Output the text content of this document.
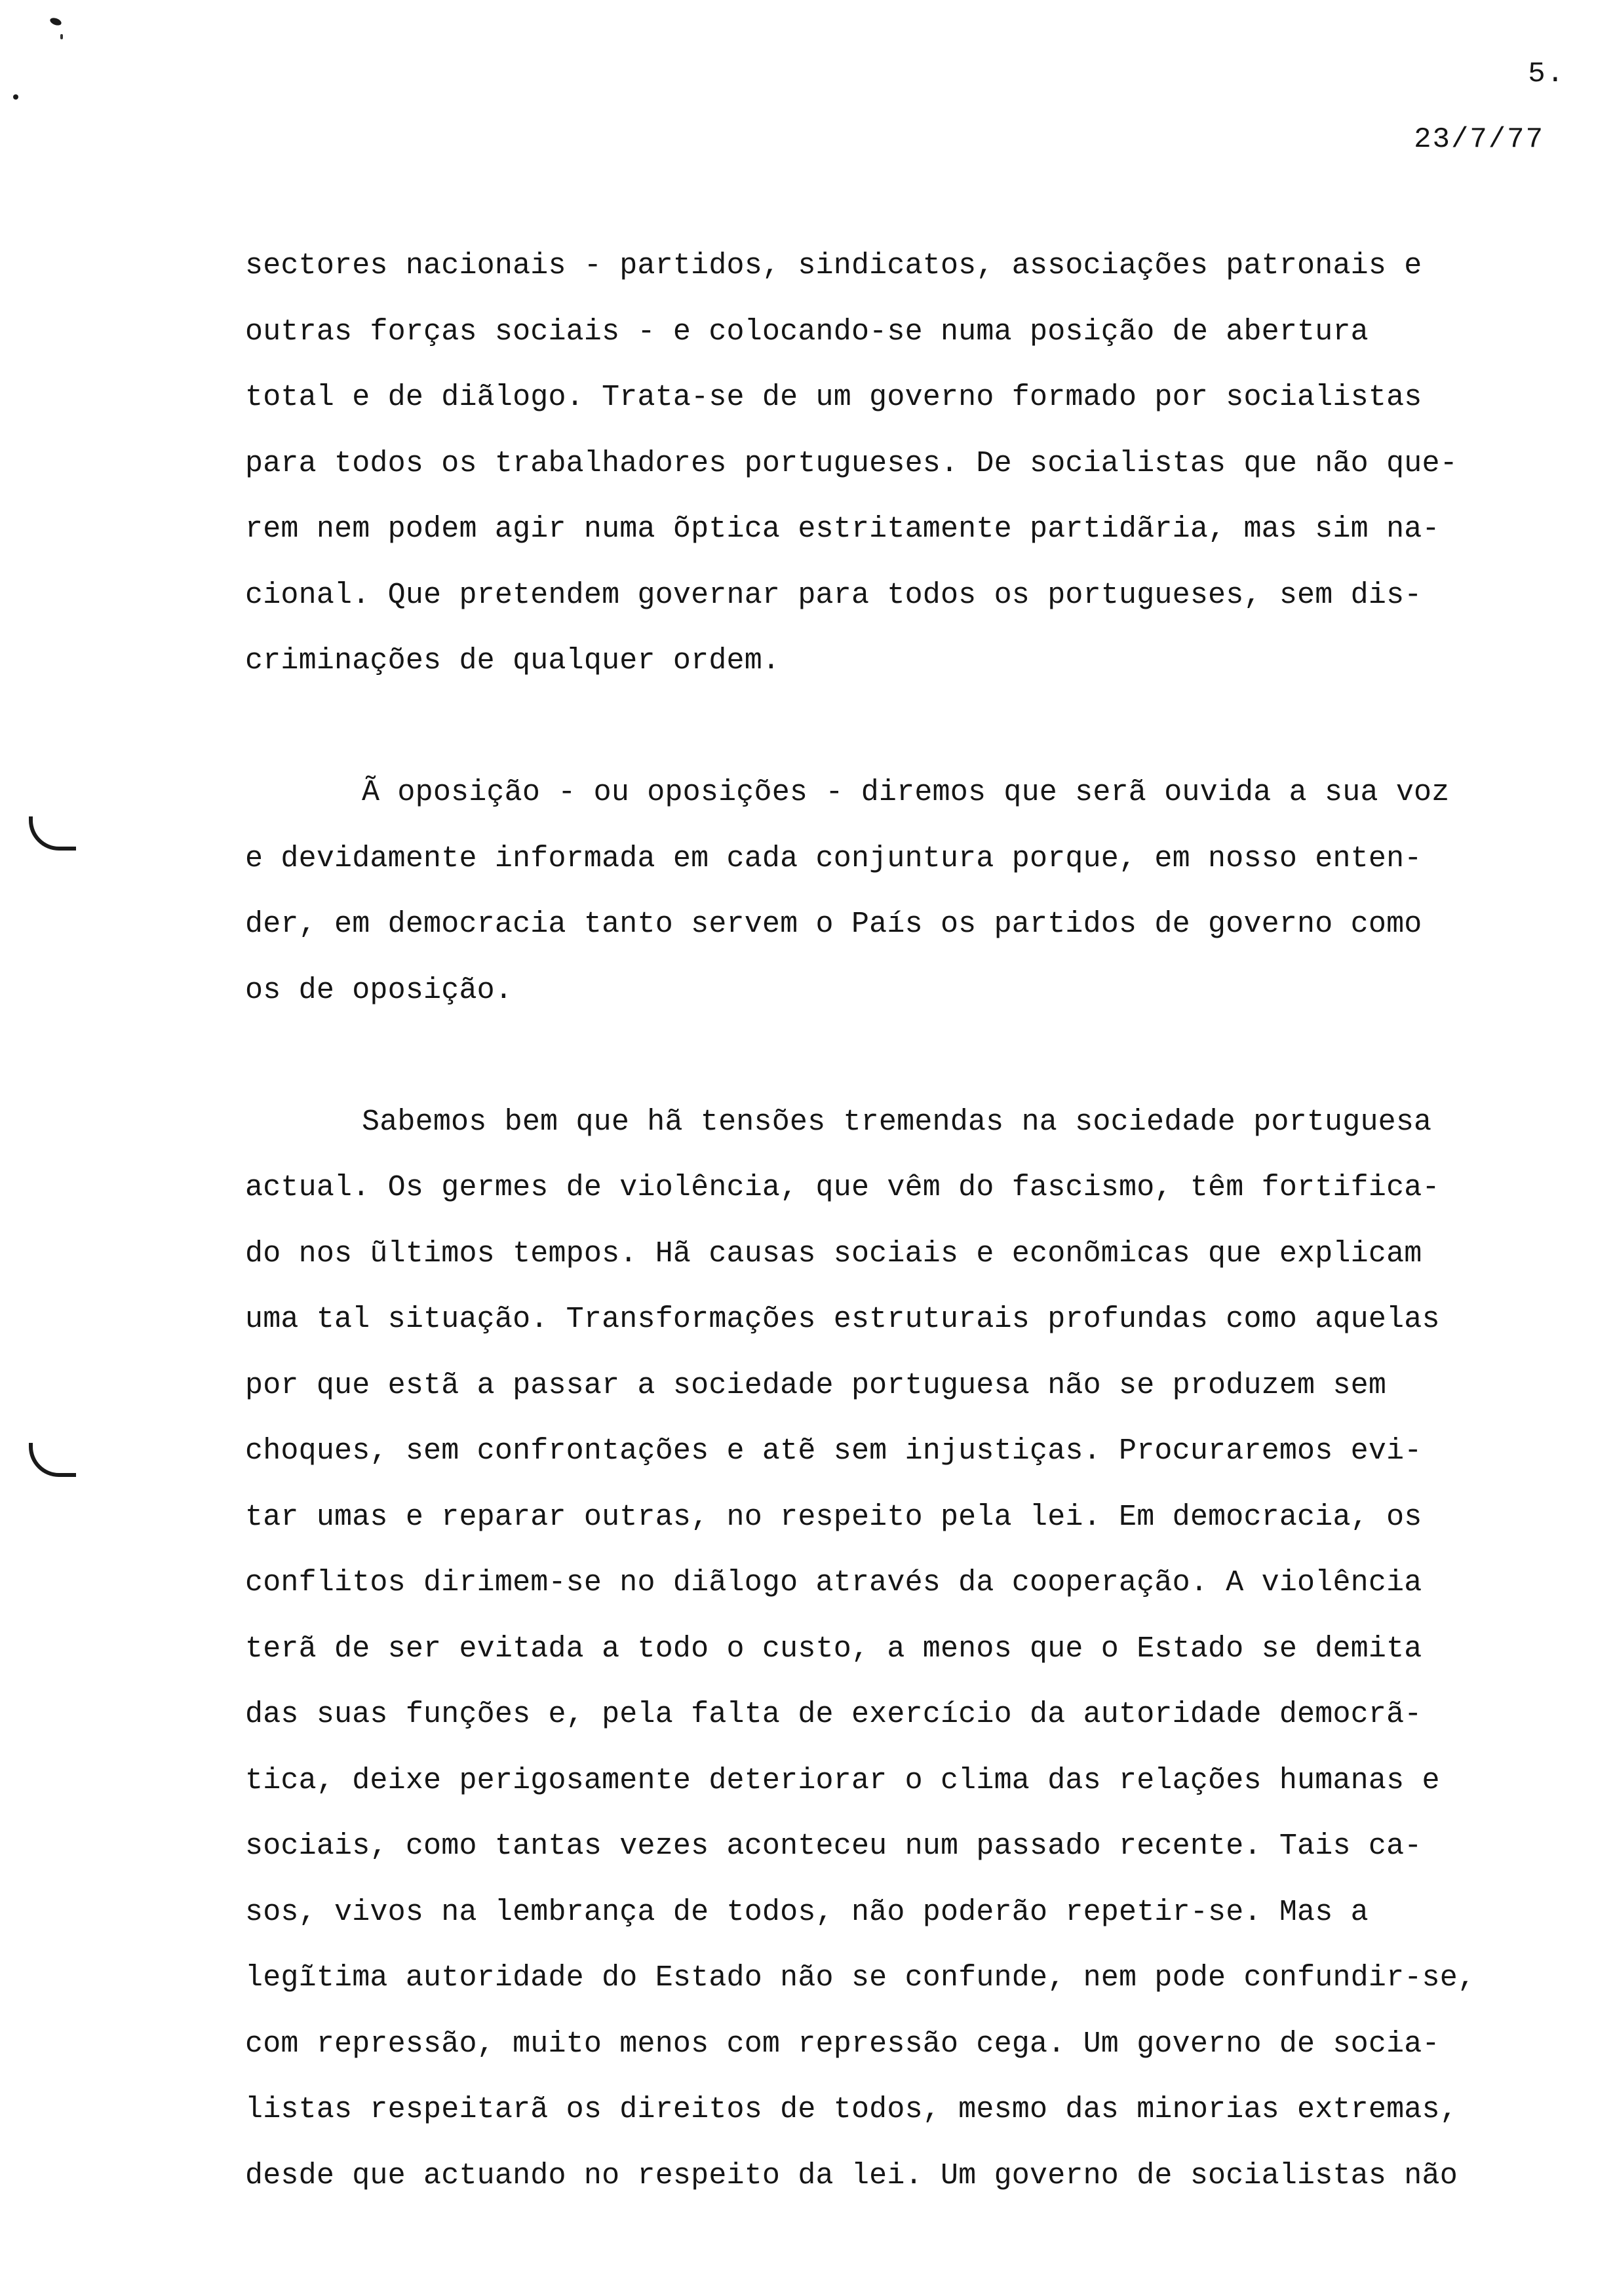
5.
23/7/77
sectores nacionais - partidos, sindicatos, associações patronais e
outras forças sociais - e colocando-se numa posição de abertura
total e de diãlogo. Trata-se de um governo formado por socialistas
para todos os trabalhadores portugueses. De socialistas que não que-
rem nem podem agir numa õptica estritamente partidãria, mas sim na-
cional. Que pretendem governar para todos os portugueses, sem dis-
criminações de qualquer ordem.
Ã oposição - ou oposições - diremos que serã ouvida a sua voz
e devidamente informada em cada conjuntura porque, em nosso enten-
der, em democracia tanto servem o País os partidos de governo como
os de oposição.
Sabemos bem que hã tensões tremendas na sociedade portuguesa
actual. Os germes de violência, que vêm do fascismo, têm fortifica-
do nos ũltimos tempos. Hã causas sociais e econõmicas que explicam
uma tal situação. Transformações estruturais profundas como aquelas
por que estã a passar a sociedade portuguesa não se produzem sem
choques, sem confrontações e atẽ sem injustiças. Procuraremos evi-
tar umas e reparar outras, no respeito pela lei. Em democracia, os
conflitos dirimem-se no diãlogo através da cooperação. A violência
terã de ser evitada a todo o custo, a menos que o Estado se demita
das suas funções e, pela falta de exercício da autoridade democrã-
tica, deixe perigosamente deteriorar o clima das relações humanas e
sociais, como tantas vezes aconteceu num passado recente. Tais ca-
sos, vivos na lembrança de todos, não poderão repetir-se. Mas a
legĩtima autoridade do Estado não se confunde, nem pode confundir-se,
com repressão, muito menos com repressão cega. Um governo de socia-
listas respeitarã os direitos de todos, mesmo das minorias extremas,
desde que actuando no respeito da lei. Um governo de socialistas não
